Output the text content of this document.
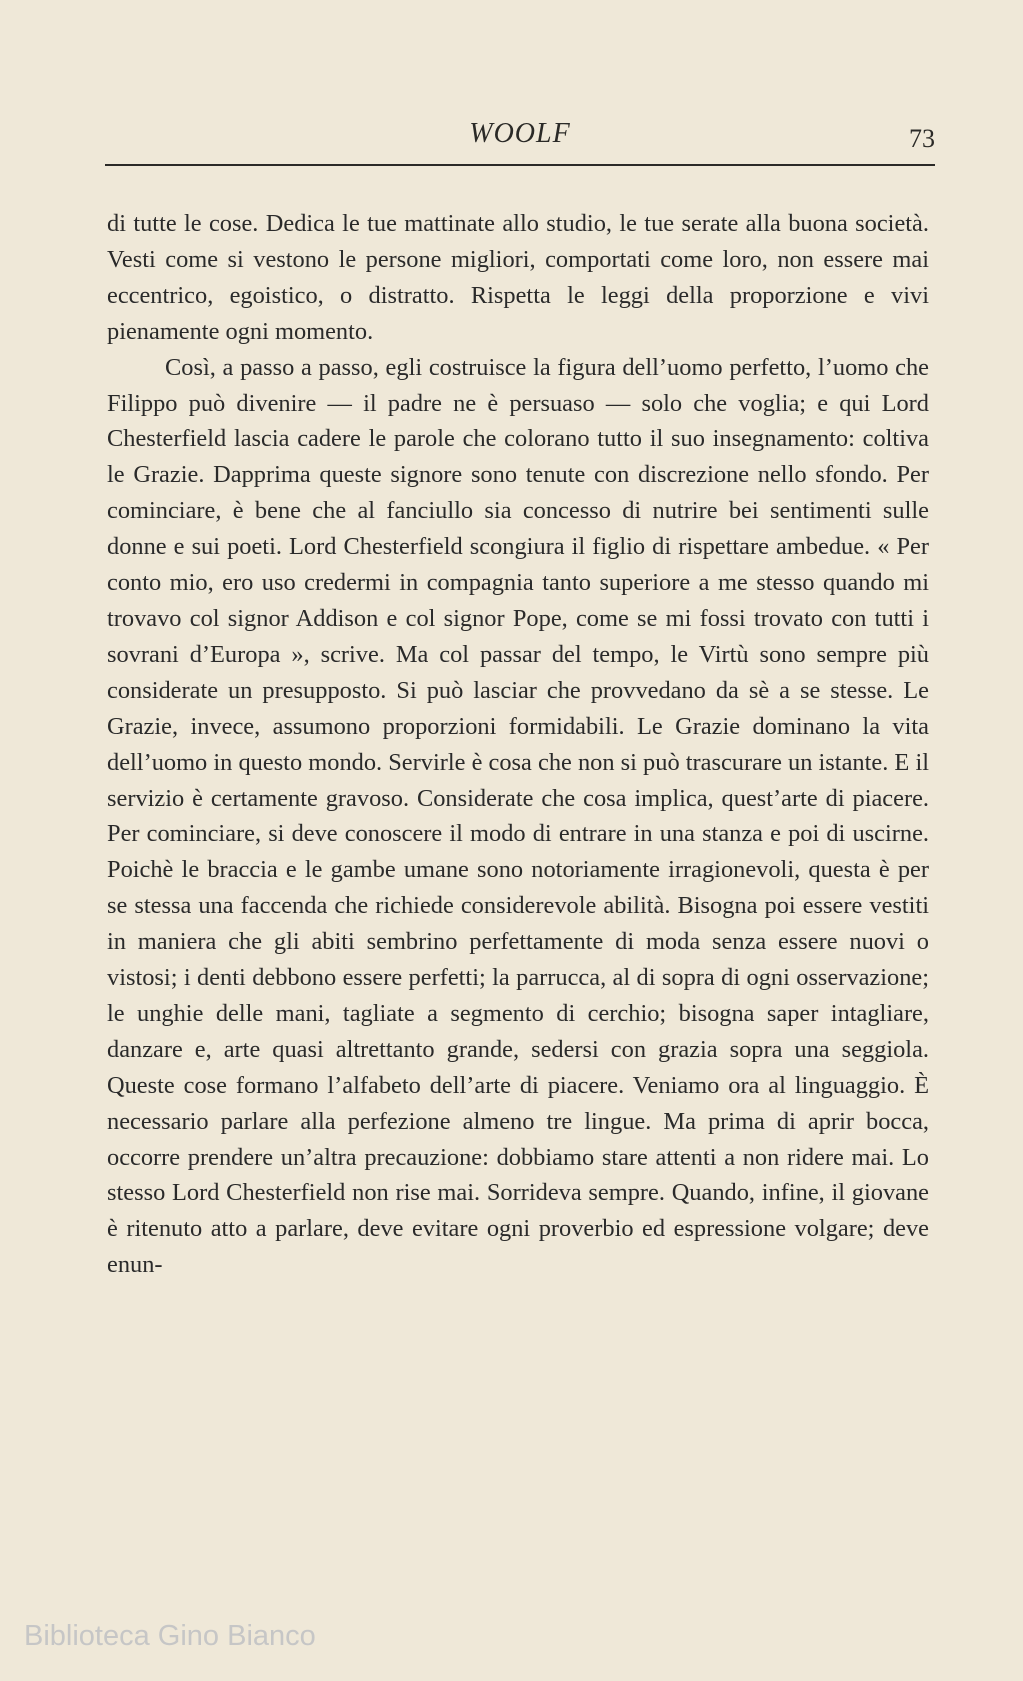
WOOLF	73

di tutte le cose. Dedica le tue mattinate allo studio, le tue serate alla buona società. Vesti come si vestono le persone migliori, comportati come loro, non essere mai eccentrico, egoistico, o distratto. Rispetta le leggi della proporzione e vivi pienamente ogni momento.

Così, a passo a passo, egli costruisce la figura dell’uomo perfetto, l’uomo che Filippo può divenire — il padre ne è persuaso — solo che voglia; e qui Lord Chesterfield lascia cadere le parole che colorano tutto il suo insegnamento: coltiva le Grazie. Dapprima queste signore sono tenute con discrezione nello sfondo. Per cominciare, è bene che al fanciullo sia concesso di nutrire bei sentimenti sulle donne e sui poeti. Lord Chesterfield scongiura il figlio di rispettare ambedue. « Per conto mio, ero uso credermi in compagnia tanto superiore a me stesso quando mi trovavo col signor Addison e col signor Pope, come se mi fossi trovato con tutti i sovrani d’Europa », scrive. Ma col passar del tempo, le Virtù sono sempre più considerate un presupposto. Si può lasciar che provvedano da sè a se stesse. Le Grazie, invece, assumono proporzioni formidabili. Le Grazie dominano la vita dell’uomo in questo mondo. Servirle è cosa che non si può trascurare un istante. E il servizio è certamente gravoso. Considerate che cosa implica, quest’arte di piacere. Per cominciare, si deve conoscere il modo di entrare in una stanza e poi di uscirne. Poichè le braccia e le gambe umane sono notoriamente irragionevoli, questa è per se stessa una faccenda che richiede considerevole abilità. Bisogna poi essere vestiti in maniera che gli abiti sembrino perfettamente di moda senza essere nuovi o vistosi; i denti debbono essere perfetti; la parrucca, al di sopra di ogni osservazione; le unghie delle mani, tagliate a segmento di cerchio; bisogna saper intagliare, danzare e, arte quasi altrettanto grande, sedersi con grazia sopra una seggiola. Queste cose formano l’alfabeto dell’arte di piacere. Veniamo ora al linguaggio. È necessario parlare alla perfezione almeno tre lingue. Ma prima di aprir bocca, occorre prendere un’altra precauzione: dobbiamo stare attenti a non ridere mai. Lo stesso Lord Chesterfield non rise mai. Sorrideva sempre. Quando, infine, il giovane è ritenuto atto a parlare, deve evitare ogni proverbio ed espressione volgare; deve enun-

Biblioteca Gino Bianco
